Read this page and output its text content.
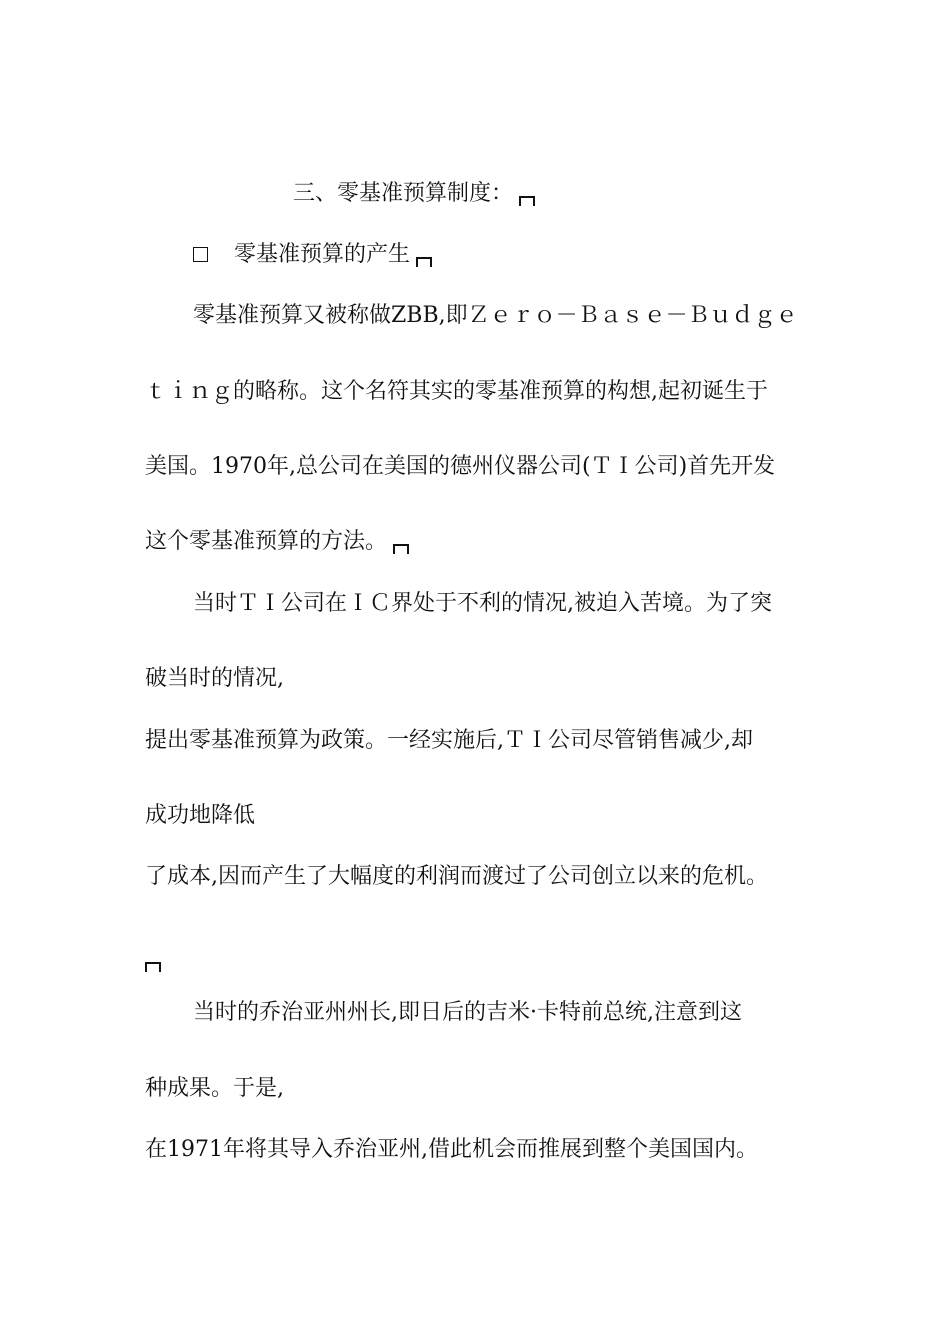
三、零基准预算制度：
零基准预算的产生
零基准预算又被称做ZBB,即Ｚｅｒｏ－Ｂａｓｅ－Ｂｕｄｇｅ
ｔｉｎｇ的略称。这个名符其实的零基准预算的构想,起初诞生于
美国。1970年,总公司在美国的德州仪器公司(ＴＩ公司)首先开发
这个零基准预算的方法。
当时ＴＩ公司在ＩＣ界处于不利的情况,被迫入苦境。为了突
破当时的情况,
提出零基准预算为政策。一经实施后,ＴＩ公司尽管销售减少,却
成功地降低
了成本,因而产生了大幅度的利润而渡过了公司创立以来的危机。
当时的乔治亚州州长,即日后的吉米·卡特前总统,注意到这
种成果。于是,
在1971年将其导入乔治亚州,借此机会而推展到整个美国国内。
